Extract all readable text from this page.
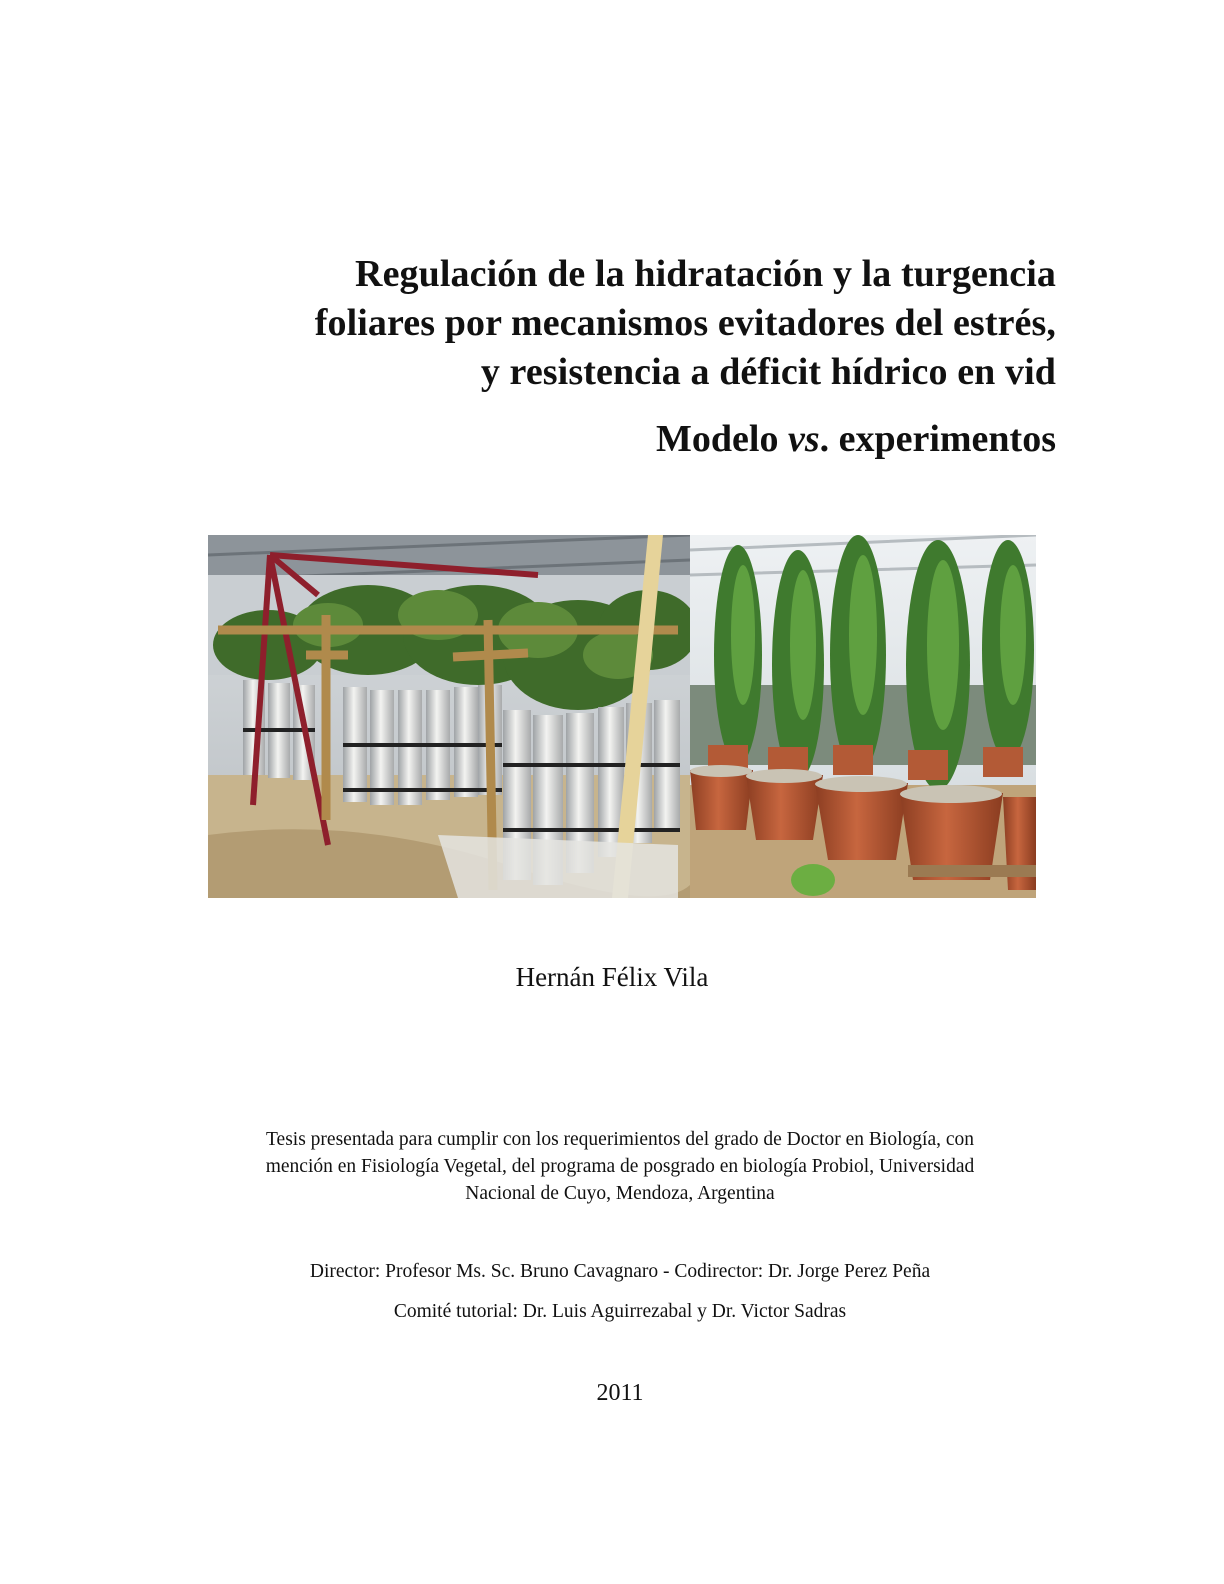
Regulación de la hidratación y la turgencia
foliares por mecanismos evitadores del estrés,
y resistencia a déficit hídrico en vid
Modelo vs. experimentos
Hernán Félix Vila
Tesis presentada para cumplir con los requerimientos del grado de Doctor en Biología, con
mención en Fisiología Vegetal, del programa de posgrado en biología Probiol, Universidad
Nacional de Cuyo, Mendoza, Argentina
Director: Profesor Ms. Sc. Bruno Cavagnaro - Codirector: Dr. Jorge Perez Peña
Comité tutorial: Dr. Luis Aguirrezabal y Dr. Victor Sadras
2011
